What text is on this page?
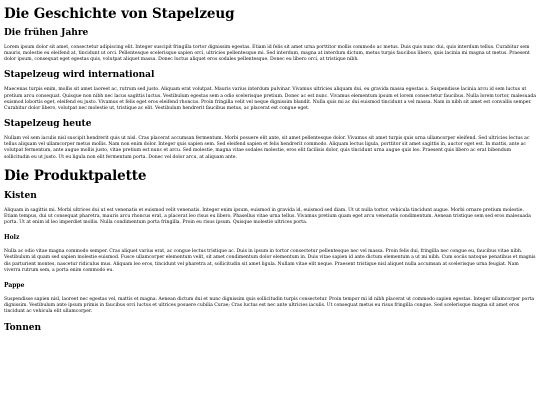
Die Geschichte von Stapelzeug
Die frühen Jahre

Lorem ipsum dolor sit amet, consectetur adipiscing elit. Integer suscipit fringilla tortor dignissim egestas. Etiam id felis sit amet urna porttitor mollis commodo ac metus. Duis quis nunc dui, quis interdum tellus. Curabitur sem mauris, molestie eu eleifend at, tincidunt ut orci. Pellentesque scelerisque sapien orci, ultricies pellentesque mi. Sed interdum, magna at interdum dictum, metus turpis faucibus libero, quis lacinia mi magna ut metus. Praesent dolor ipsum, consequat eget egestas quis, volutpat aliquet massa. Donec luctus aliquet eros sodales pellentesque. Donec eu libero orci, at tristique nibh.

Stapelzeug wird international

Maecenas turpis enim, mollis sit amet laoreet ac, rutrum sed justo. Aliquam erat volutpat. Mauris varius interdum pulvinar. Vivamus ultricies aliquam dui, eu gravida massa egestas a. Suspendisse lacinia arcu id sem luctus ut pretium arcu consequat. Quisque non nibh nec lacus sagittis luctus. Vestibulum egestas sem a odio scelerisque pretium. Donec ac est nunc. Vivamus elementum ipsum et lorem consectetur faucibus. Nulla lorem tortor, malesuada euismod lobortis eget, eleifend eu justo. Vivamus et felis eget eros eleifend rhoncus. Proin fringilla velit vel neque dignissim blandit. Nulla quis mi ac dui euismod tincidunt a vel massa. Nam in nibh sit amet est convallis semper. Curabitur dolor libero, volutpat nec molestie ut, tristique ac elit. Vestibulum hendrerit faucibus metus, ac placerat est congue eget.

Stapelzeug heute

Nullam vel sem iaculis nisl suscipit hendrerit quis ut nisl. Cras placerat accumsan fermentum. Morbi posuere elit ante, sit amet pellentesque dolor. Vivamus sit amet turpis quis urna ullamcorper eleifend. Sed ultricies lectus ac tellus aliquam vel ullamcorper metus mollis. Nam non enim dolor. Integer quis sapien sem. Sed eleifend sapien et felis hendrerit commodo. Aliquam lectus ligula, porttitor sit amet sagittis in, auctor eget est. In mattis, ante ac volutpat fermentum, ante augue mollis justo, vitae pretium est nunc et arcu. Sed molestie, magna vitae sodales molestie, eros elit facilisis dolor, quis tincidunt urna augue quis leo. Praesent quis libero ac erat bibendum sollicitudin eu ut justo. Ut eu ligula non elit fermentum porta. Donec vel dolor arcu, at aliquam ante.

Die Produktpalette
Kisten

Aliquam in sagittis mi. Morbi ultrices dui ut est venenatis et euismod velit venenatis. Integer enim ipsum, euismod in gravida id, euismod sed diam. Ut ut nulla tortor, vehicula tincidunt augue. Morbi ornare pretium molestie. Etiam tempus, dui ut consequat pharetra, mauris arcu rhoncus erat, a placerat leo risus eu libero. Phasellus vitae urna tellus. Vivamus pretium quam eget arcu venenatis condimentum. Aenean tristique sem sed eros malesuada porta. Ut at enim id leo imperdiet mollis. Nulla condimentum porta fringilla. Proin eu risus ipsum. Quisque molestie ultrices porta.

Holz

Nulla ac odio vitae magna commodo semper. Cras aliquet varius erat, ac congue lectus tristique ac. Duis in ipsum in tortor consectetur pellentesque nec vel massa. Proin felis dui, fringilla nec congue eu, faucibus vitae nibh. Vestibulum id quam sed sapien molestie euismod. Fusce ullamcorper elementum velit, sit amet condimentum dolor elementum in. Duis vitae sapien id ante dictum elementum a ut mi nibh. Cum sociis natoque penatibus et magnis dis parturient montes, nascetur ridiculus mus. Aliquam leo eros, tincidunt vel pharetra at, sollicitudin sit amet ligula. Nullam vitae elit neque. Praesent tristique nisl aliquet nulla accumsan at scelerisque urna feugiat. Nam viverra rutrum sem, a porta enim commodo eu.

Pappe

Suspendisse sapien nisl, laoreet nec egestas vel, mattis et magna. Aenean dictum dui et nunc dignissim quis sollicitudin turpis consectetur. Proin tempor mi id nibh placerat ut commodo sapien egestas. Integer ullamcorper porta dignissim. Vestibulum ante ipsum primis in faucibus orci luctus et ultrices posuere cubilia Curae; Cras luctus est nec ante ultricies iaculis. Ut consequat metus eu risus fringilla congue. Sed scelerisque magna sit amet eros tincidunt ac vehicula elit ullamcorper.

Tonnen
